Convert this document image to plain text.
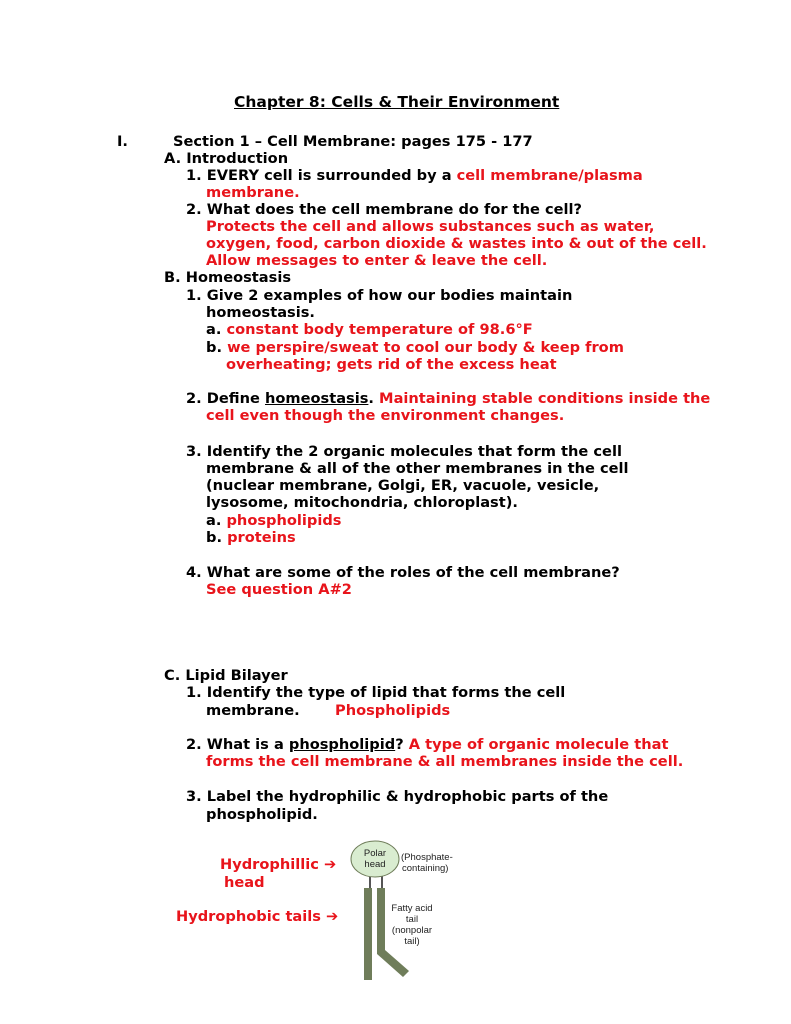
Chapter 8: Cells & Their Environment
I.	Section 1 – Cell Membrane: pages 175 - 177
A. Introduction
1. EVERY cell is surrounded by a cell membrane/plasma
membrane.
2. What does the cell membrane do for the cell?
Protects the cell and allows substances such as water,
oxygen, food, carbon dioxide & wastes into & out of the cell.
Allow messages to enter & leave the cell.
B. Homeostasis
1. Give 2 examples of how our bodies maintain
homeostasis.
a. constant body temperature of 98.6°F
b. we perspire/sweat to cool our body & keep from
overheating; gets rid of the excess heat
2. Define homeostasis. Maintaining stable conditions inside the
cell even though the environment changes.
3. Identify the 2 organic molecules that form the cell
membrane & all of the other membranes in the cell
(nuclear membrane, Golgi, ER, vacuole, vesicle,
lysosome, mitochondria, chloroplast).
a. phospholipids
b. proteins
4. What are some of the roles of the cell membrane?
See question A#2
C. Lipid Bilayer
1. Identify the type of lipid that forms the cell
membrane. Phospholipids
2. What is a phospholipid? A type of organic molecule that
forms the cell membrane & all membranes inside the cell.
3. Label the hydrophilic & hydrophobic parts of the
phospholipid.
Hydrophillic ➔
head
Hydrophobic tails ➔
Polar
head
(Phosphate-
containing)
Fatty acid
tail
(nonpolar
tail)
